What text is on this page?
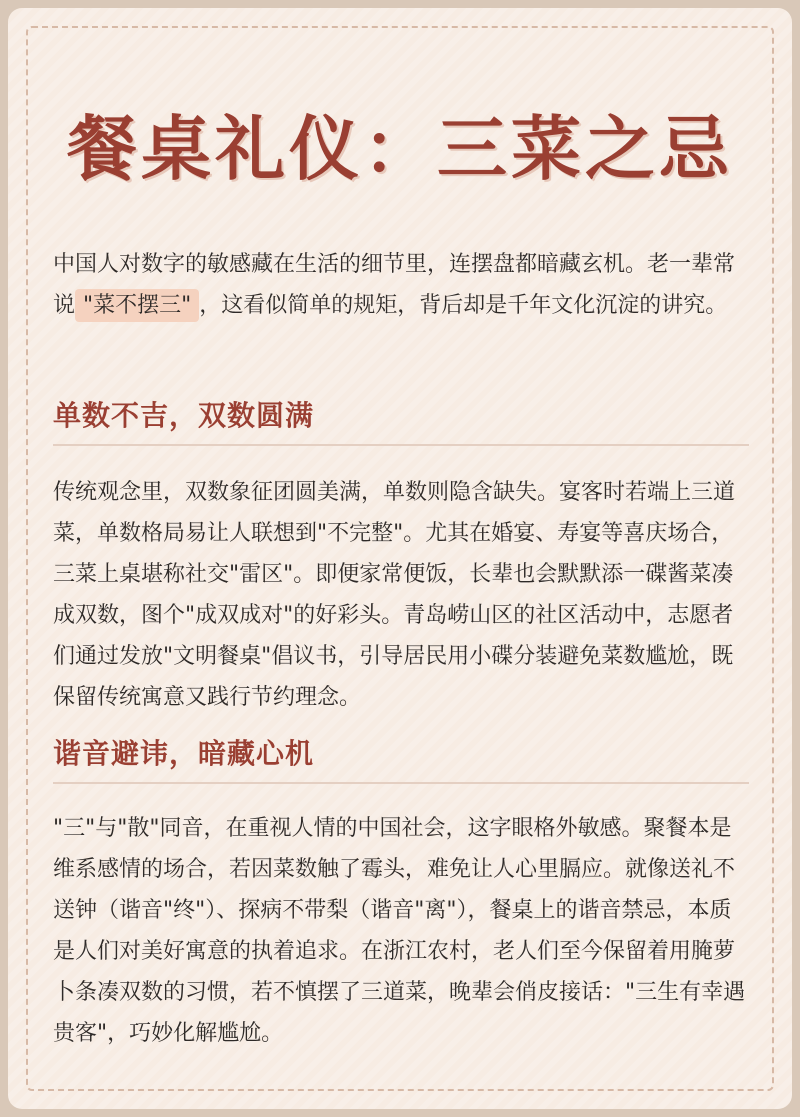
餐桌礼仪：三菜之忌

中国人对数字的敏感藏在生活的细节里，连摆盘都暗藏玄机。老一辈常说 "菜不摆三" ，这看似简单的规矩，背后却是千年文化沉淀的讲究。

单数不吉，双数圆满

传统观念里，双数象征团圆美满，单数则隐含缺失。宴客时若端上三道菜，单数格局易让人联想到"不完整"。尤其在婚宴、寿宴等喜庆场合，三菜上桌堪称社交"雷区"。即便家常便饭，长辈也会默默添一碟酱菜凑成双数，图个"成双成对"的好彩头。青岛崂山区的社区活动中，志愿者们通过发放"文明餐桌"倡议书，引导居民用小碟分装避免菜数尴尬，既保留传统寓意又践行节约理念。

谐音避讳，暗藏心机

"三"与"散"同音，在重视人情的中国社会，这字眼格外敏感。聚餐本是维系感情的场合，若因菜数触了霉头，难免让人心里膈应。就像送礼不送钟（谐音"终"）、探病不带梨（谐音"离"），餐桌上的谐音禁忌，本质是人们对美好寓意的执着追求。在浙江农村，老人们至今保留着用腌萝卜条凑双数的习惯，若不慎摆了三道菜，晚辈会俏皮接话："三生有幸遇贵客"，巧妙化解尴尬。
